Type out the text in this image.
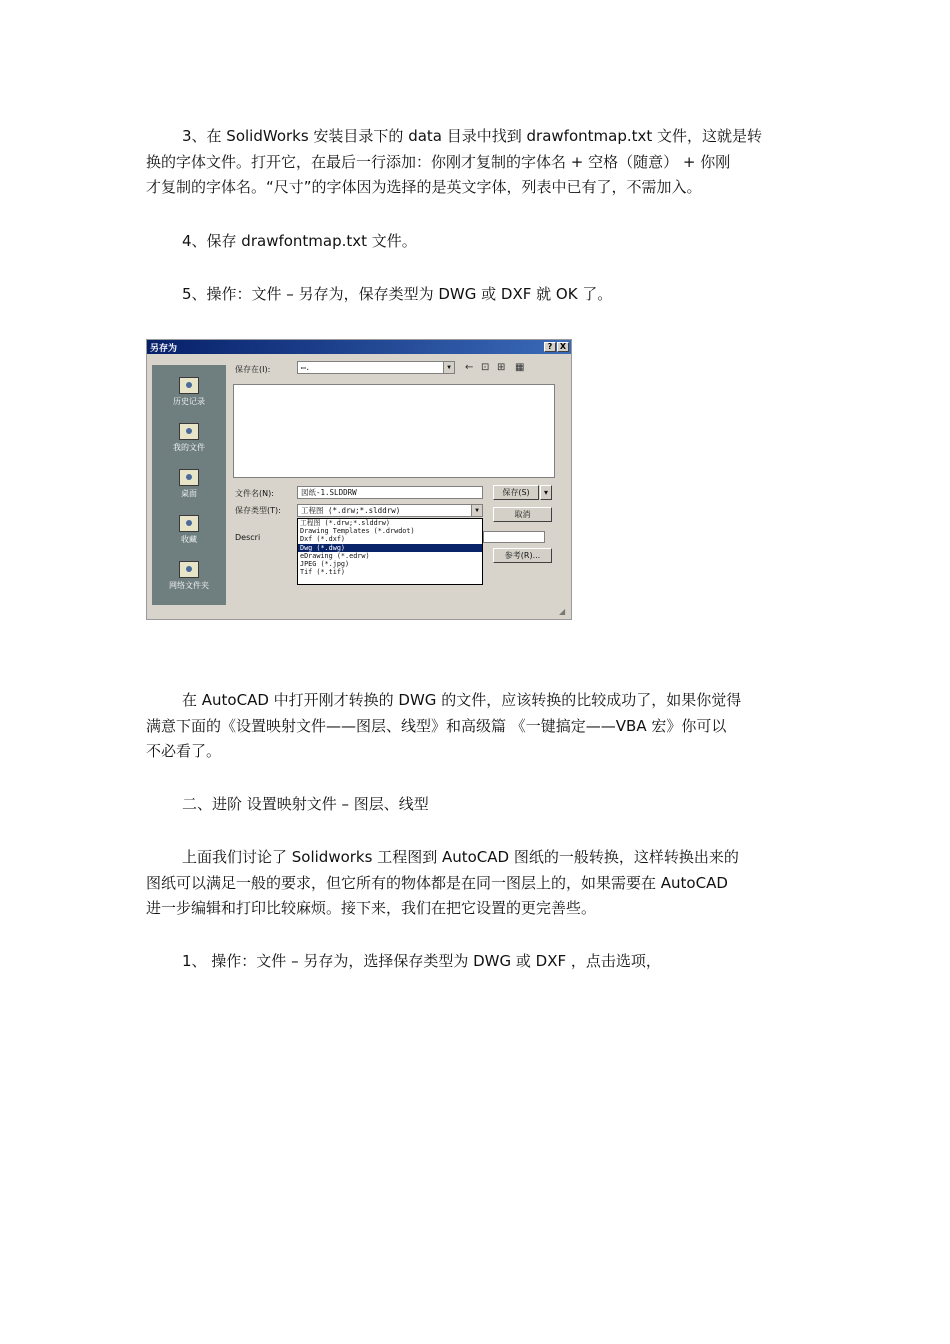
3、在 SolidWorks 安装目录下的 data 目录中找到 drawfontmap.txt 文件，这就是转
换的字体文件。打开它，在最后一行添加：你刚才复制的字体名 + 空格（随意） + 你刚
才复制的字体名。“尺寸”的字体因为选择的是英文字体，列表中已有了，不需加入。
4、保存 drawfontmap.txt 文件。
5、操作：文件 – 另存为，保存类型为 DWG 或 DXF 就 OK 了。
另存为	? X
历史记录
我的文件
桌面
收藏
网络文件夹
保存在(I):	▭.	▼	← ⊡ ⊞ ▦
文件名(N):	図纸-1.SLDDRW
保存类型(T):	工程图 (*.drw;*.slddrw)	▼
Descri
工程图 (*.drw;*.slddrw)
Drawing Templates (*.drwdot)
Dxf (*.dxf)
Dwg (*.dwg)
eDrawing (*.edrw)
JPEG (*.jpg)
Tif (*.tif)
保存(S)	▾
取消
参考(R)...
◢
在 AutoCAD 中打开刚才转换的 DWG 的文件，应该转换的比较成功了，如果你觉得
满意下面的《设置映射文件——图层、线型》和高级篇 《一键搞定——VBA 宏》你可以
不必看了。
二、进阶 设置映射文件 – 图层、线型
上面我们讨论了 Solidworks 工程图到 AutoCAD 图纸的一般转换，这样转换出来的
图纸可以满足一般的要求，但它所有的物体都是在同一图层上的，如果需要在 AutoCAD
进一步编辑和打印比较麻烦。接下来，我们在把它设置的更完善些。
1、 操作：文件 – 另存为，选择保存类型为 DWG 或 DXF ，点击选项，
